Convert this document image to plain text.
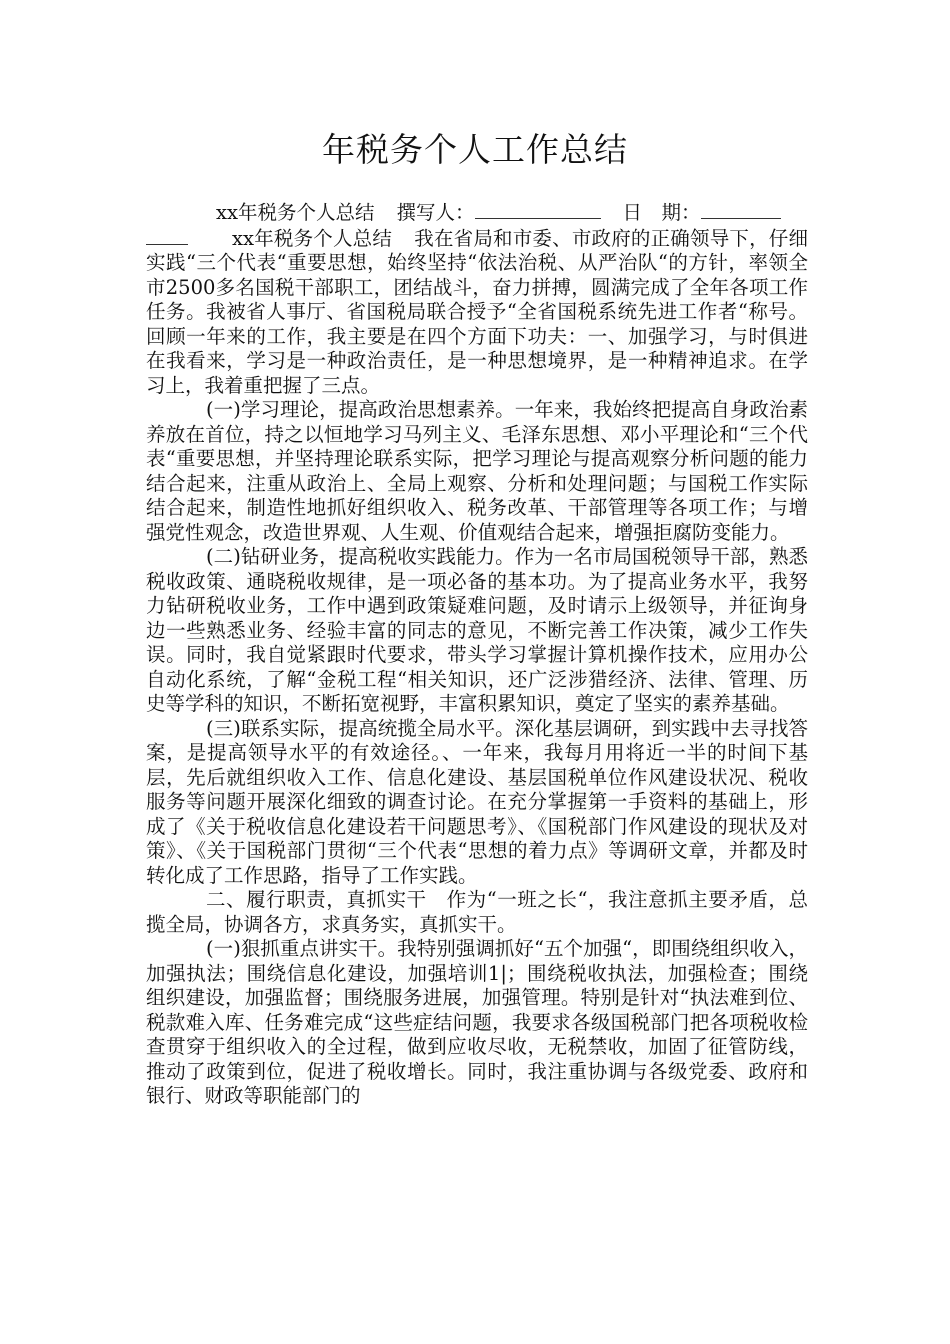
年税务个人工作总结

xx年税务个人总结 撰写人：	日　期：

xx年税务个人总结 我在省局和市委、市政府的正确领导下，仔细实践“三个代表“重要思想，始终坚持“依法治税、从严治队“的方针，率领全市2500多名国税干部职工，团结战斗，奋力拼搏，圆满完成了全年各项工作任务。我被省人事厅、省国税局联合授予“全省国税系统先进工作者“称号。回顾一年来的工作，我主要是在四个方面下功夫：一、加强学习，与时俱进　在我看来，学习是一种政治责任，是一种思想境界，是一种精神追求。在学习上，我着重把握了三点。

(一)学习理论，提高政治思想素养。一年来，我始终把提高自身政治素养放在首位，持之以恒地学习马列主义、毛泽东思想、邓小平理论和“三个代表“重要思想，并坚持理论联系实际，把学习理论与提高观察分析问题的能力结合起来，注重从政治上、全局上观察、分析和处理问题；与国税工作实际结合起来，制造性地抓好组织收入、税务改革、干部管理等各项工作；与增强党性观念，改造世界观、人生观、价值观结合起来，增强拒腐防变能力。

(二)钻研业务，提高税收实践能力。作为一名市局国税领导干部，熟悉税收政策、通晓税收规律，是一项必备的基本功。为了提高业务水平，我努力钻研税收业务，工作中遇到政策疑难问题，及时请示上级领导，并征询身边一些熟悉业务、经验丰富的同志的意见，不断完善工作决策，减少工作失误。同时，我自觉紧跟时代要求，带头学习掌握计算机操作技术，应用办公自动化系统，了解“金税工程“相关知识，还广泛涉猎经济、法律、管理、历史等学科的知识，不断拓宽视野，丰富积累知识，奠定了坚实的素养基础。

(三)联系实际，提高统揽全局水平。深化基层调研，到实践中去寻找答案，是提高领导水平的有效途径。、一年来，我每月用将近一半的时间下基层，先后就组织收入工作、信息化建设、基层国税单位作风建设状况、税收服务等问题开展深化细致的调查讨论。在充分掌握第一手资料的基础上，形成了《关于税收信息化建设若干问题思考》、《国税部门作风建设的现状及对策》、《关于国税部门贯彻“三个代表“思想的着力点》等调研文章，并都及时转化成了工作思路，指导了工作实践。

二、履行职责，真抓实干　作为“一班之长“，我注意抓主要矛盾，总揽全局，协调各方，求真务实，真抓实干。

(一)狠抓重点讲实干。我特别强调抓好“五个加强“，即围绕组织收入，加强执法；围绕信息化建设，加强培训1|；围绕税收执法，加强检查；围绕组织建设，加强监督；围绕服务进展，加强管理。特别是针对“执法难到位、税款难入库、任务难完成“这些症结问题，我要求各级国税部门把各项税收检查贯穿于组织收入的全过程，做到应收尽收，无税禁收，加固了征管防线，推动了政策到位，促进了税收增长。同时，我注重协调与各级党委、政府和银行、财政等职能部门的
